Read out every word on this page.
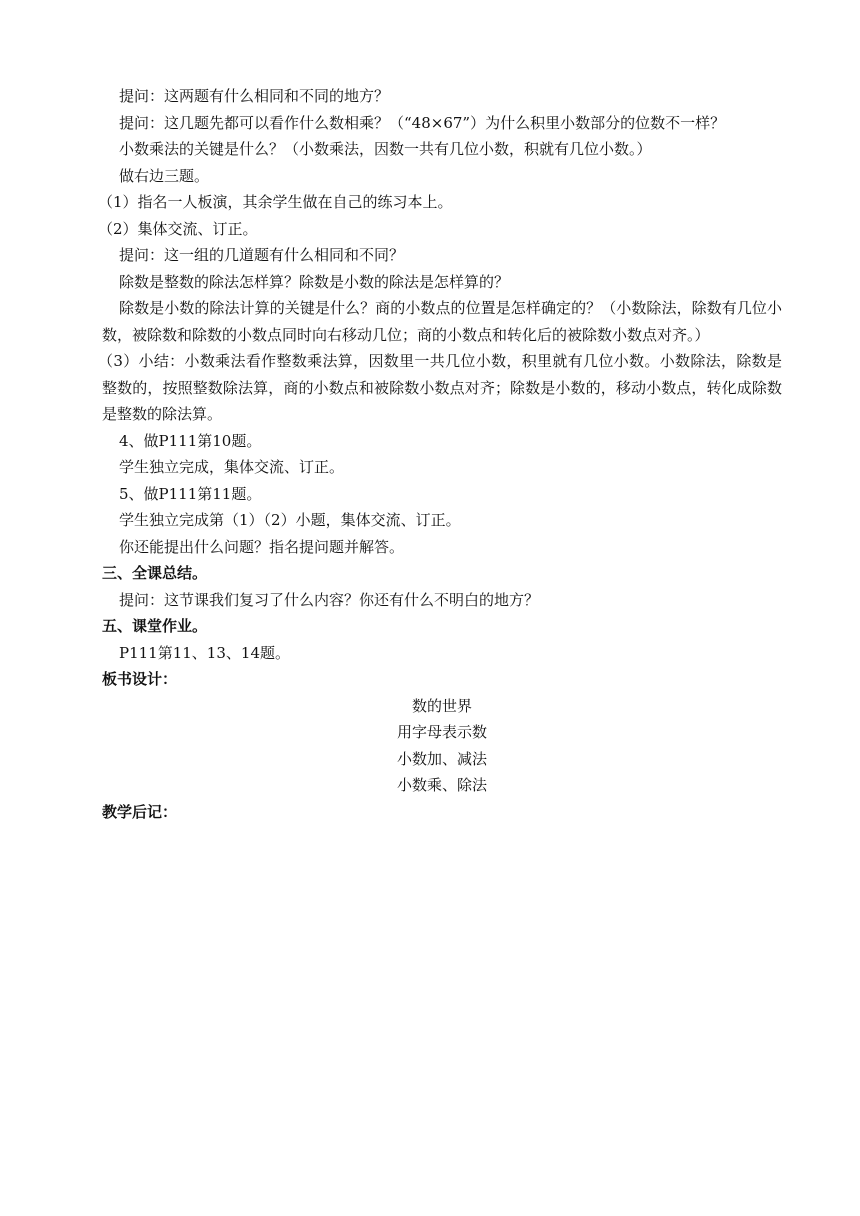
提问：这两题有什么相同和不同的地方？

提问：这几题先都可以看作什么数相乘？（“48×67”）为什么积里小数部分的位数不一样？

小数乘法的关键是什么？（小数乘法，因数一共有几位小数，积就有几位小数。）

做右边三题。

（1）指名一人板演，其余学生做在自己的练习本上。

（2）集体交流、订正。

提问：这一组的几道题有什么相同和不同？

除数是整数的除法怎样算？除数是小数的除法是怎样算的？

除数是小数的除法计算的关键是什么？商的小数点的位置是怎样确定的？（小数除法，除数有几位小数，被除数和除数的小数点同时向右移动几位；商的小数点和转化后的被除数小数点对齐。）

（3）小结：小数乘法看作整数乘法算，因数里一共几位小数，积里就有几位小数。小数除法，除数是整数的，按照整数除法算，商的小数点和被除数小数点对齐；除数是小数的，移动小数点，转化成除数是整数的除法算。

4、做P111第10题。

学生独立完成，集体交流、订正。

5、做P111第11题。

学生独立完成第（1）（2）小题，集体交流、订正。

你还能提出什么问题？指名提问题并解答。

三、全课总结。

提问：这节课我们复习了什么内容？你还有什么不明白的地方？

五、课堂作业。

P111第11、13、14题。

板书设计：

数的世界

用字母表示数

小数加、减法

小数乘、除法

教学后记：
